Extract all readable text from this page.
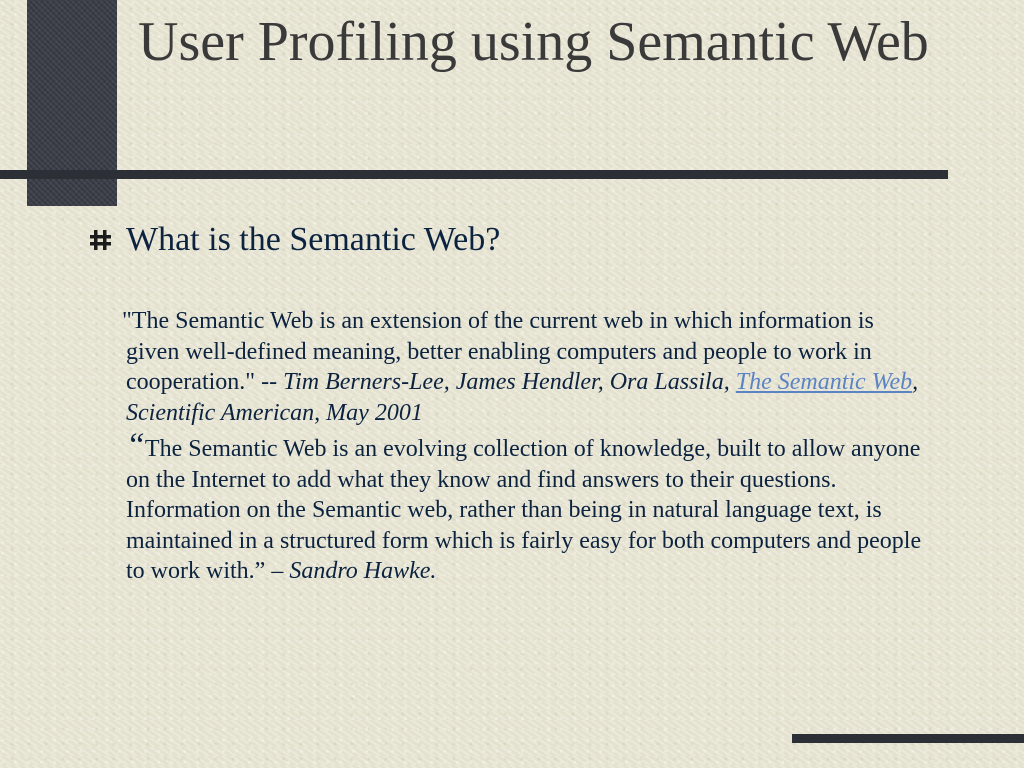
User Profiling using Semantic Web
What is the Semantic Web?

"The Semantic Web is an extension of the current web in which information is given well-defined meaning, better enabling computers and people to work in cooperation." -- Tim Berners-Lee, James Hendler, Ora Lassila, The Semantic Web, Scientific American, May 2001

“The Semantic Web is an evolving collection of knowledge, built to allow anyone on the Internet to add what they know and find answers to their questions. Information on the Semantic web, rather than being in natural language text, is maintained in a structured form which is fairly easy for both computers and people to work with.” – Sandro Hawke.
